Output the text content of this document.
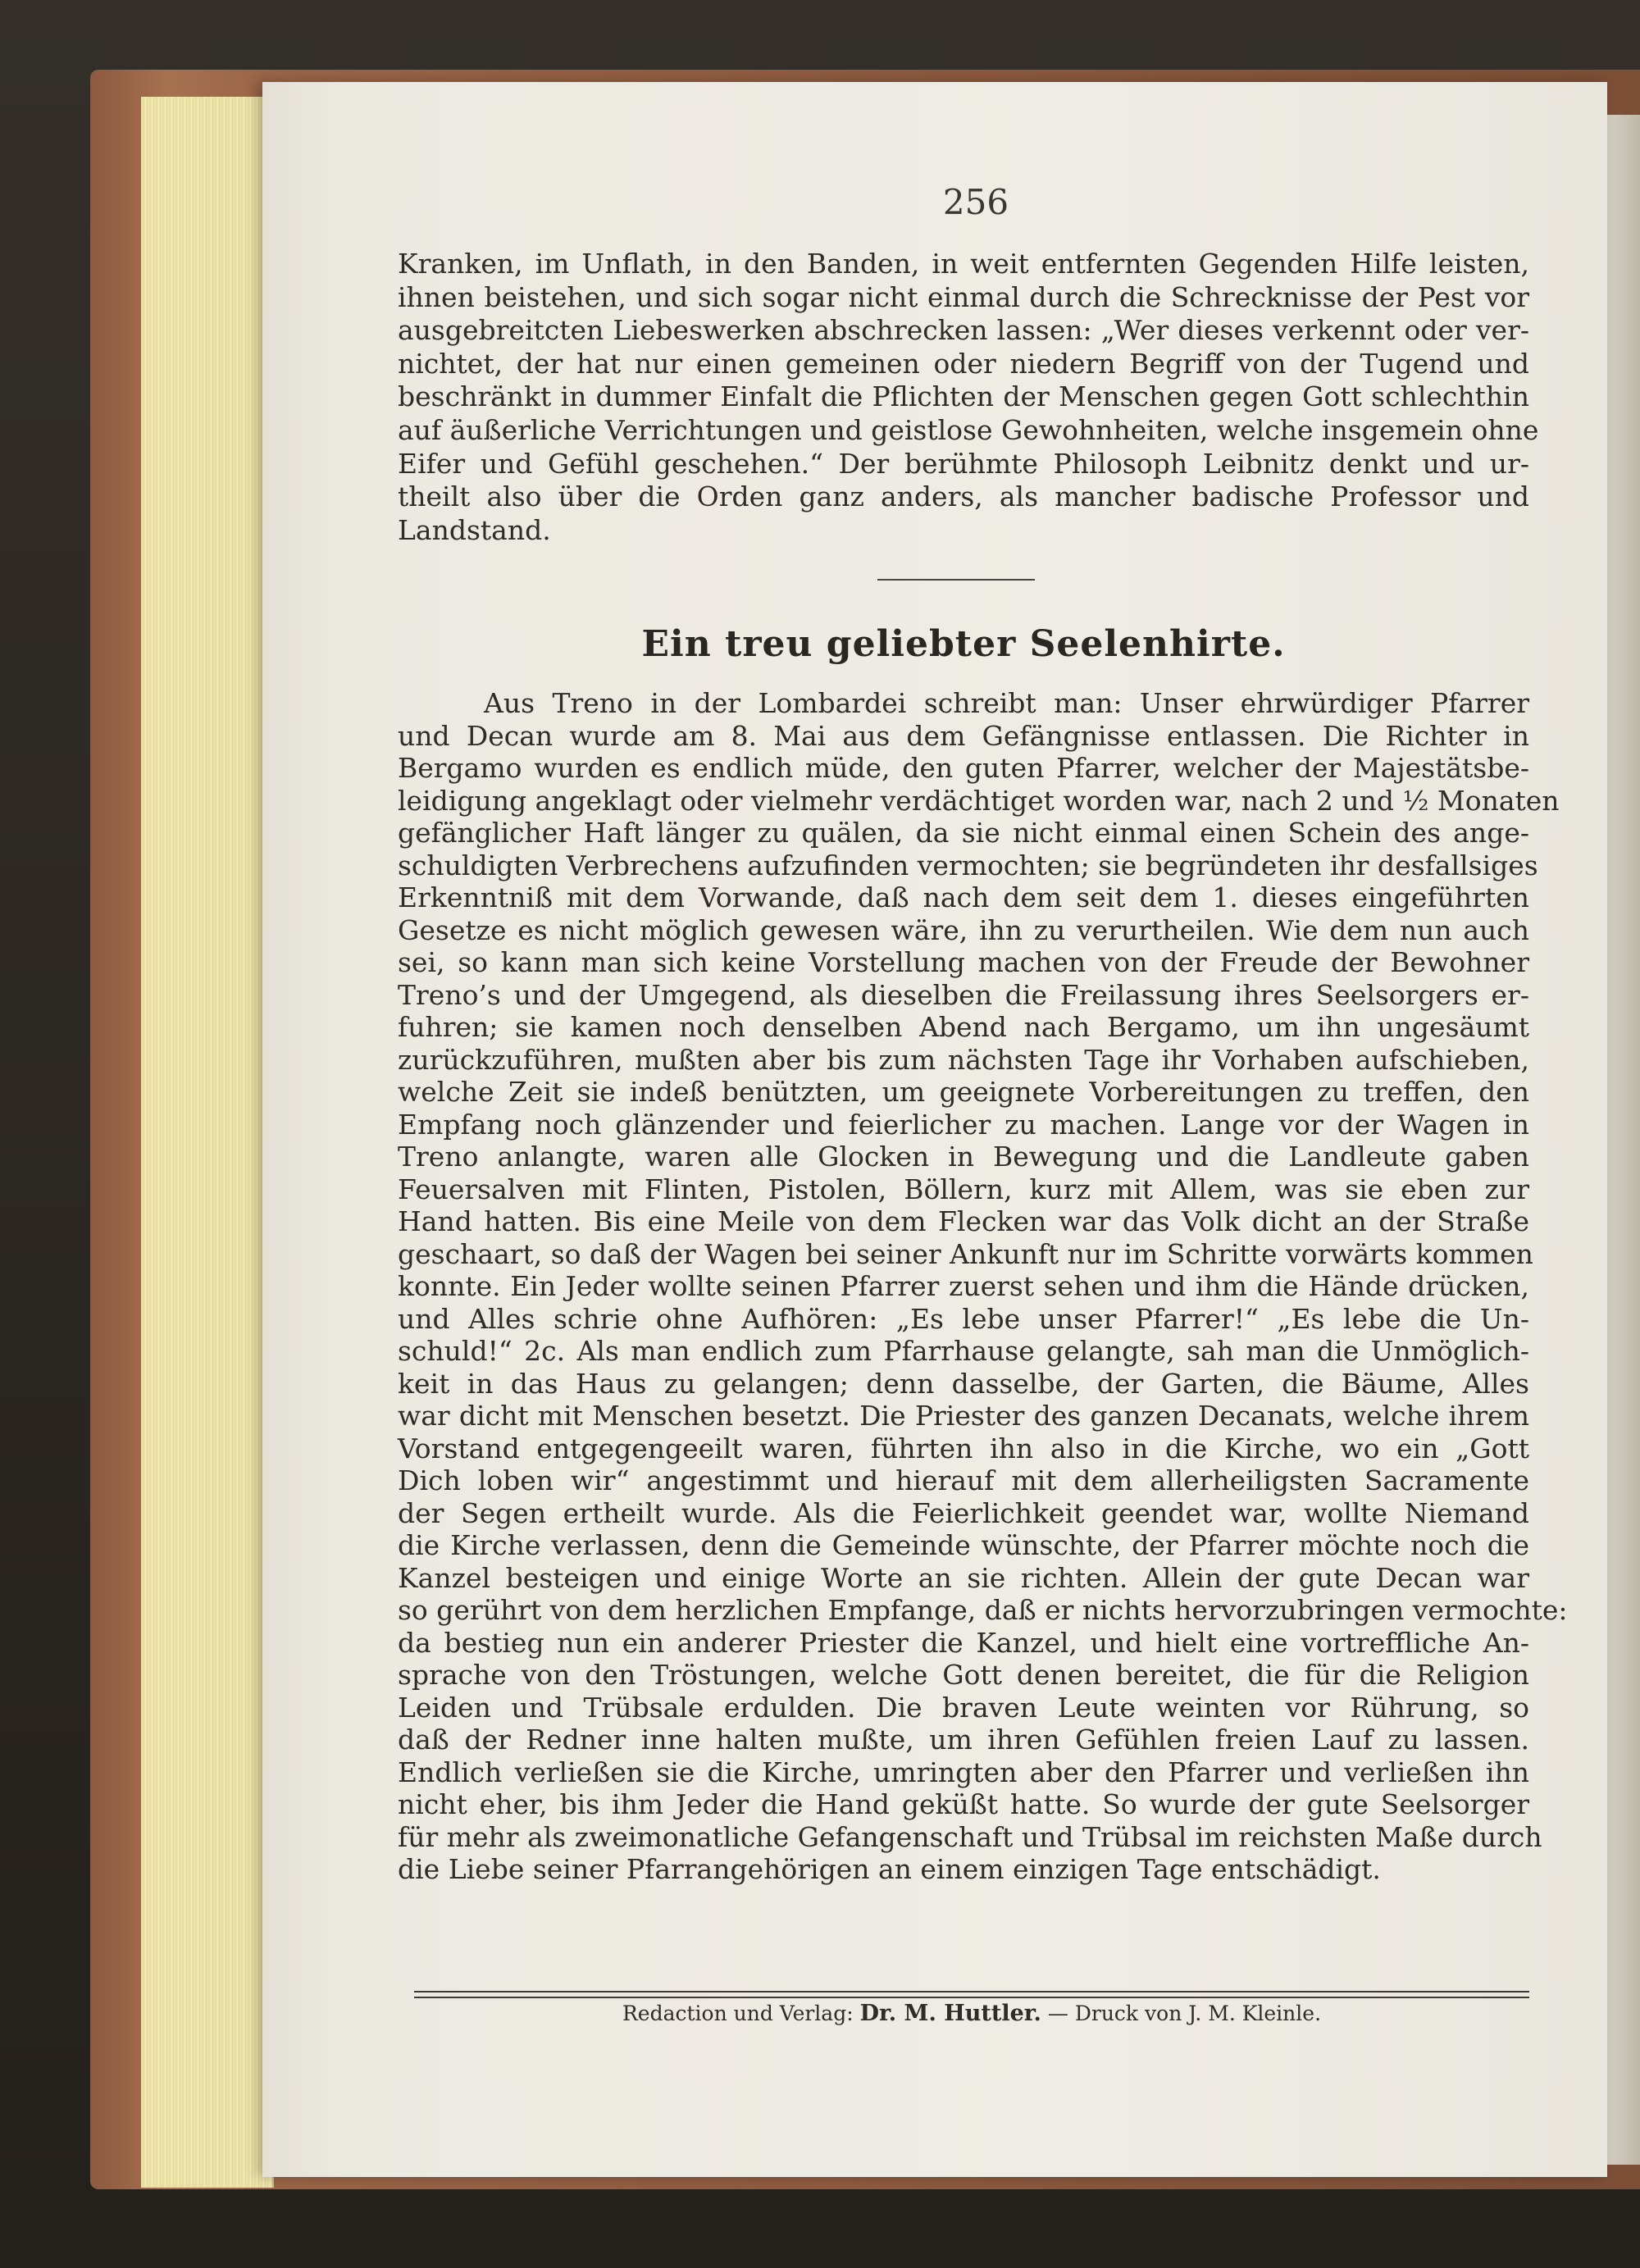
256
Kranken, im Unflath, in den Banden, in weit entfernten Gegenden Hilfe leisten,
ihnen beistehen, und sich sogar nicht einmal durch die Schrecknisse der Pest vor
ausgebreitcten Liebeswerken abschrecken lassen: „Wer dieses verkennt oder ver-
nichtet, der hat nur einen gemeinen oder niedern Begriff von der Tugend und
beschränkt in dummer Einfalt die Pflichten der Menschen gegen Gott schlechthin
auf äußerliche Verrichtungen und geistlose Gewohnheiten, welche insgemein ohne
Eifer und Gefühl geschehen.“ Der berühmte Philosoph Leibnitz denkt und ur-
theilt also über die Orden ganz anders, als mancher badische Professor und
Landstand.
Ein treu geliebter Seelenhirte.
Aus Treno in der Lombardei schreibt man: Unser ehrwürdiger Pfarrer
und Decan wurde am 8. Mai aus dem Gefängnisse entlassen. Die Richter in
Bergamo wurden es endlich müde, den guten Pfarrer, welcher der Majestätsbe-
leidigung angeklagt oder vielmehr verdächtiget worden war, nach 2 und ½ Monaten
gefänglicher Haft länger zu quälen, da sie nicht einmal einen Schein des ange-
schuldigten Verbrechens aufzufinden vermochten; sie begründeten ihr desfallsiges
Erkenntniß mit dem Vorwande, daß nach dem seit dem 1. dieses eingeführten
Gesetze es nicht möglich gewesen wäre, ihn zu verurtheilen. Wie dem nun auch
sei, so kann man sich keine Vorstellung machen von der Freude der Bewohner
Treno’s und der Umgegend, als dieselben die Freilassung ihres Seelsorgers er-
fuhren; sie kamen noch denselben Abend nach Bergamo, um ihn ungesäumt
zurückzuführen, mußten aber bis zum nächsten Tage ihr Vorhaben aufschieben,
welche Zeit sie indeß benützten, um geeignete Vorbereitungen zu treffen, den
Empfang noch glänzender und feierlicher zu machen. Lange vor der Wagen in
Treno anlangte, waren alle Glocken in Bewegung und die Landleute gaben
Feuersalven mit Flinten, Pistolen, Böllern, kurz mit Allem, was sie eben zur
Hand hatten. Bis eine Meile von dem Flecken war das Volk dicht an der Straße
geschaart, so daß der Wagen bei seiner Ankunft nur im Schritte vorwärts kommen
konnte. Ein Jeder wollte seinen Pfarrer zuerst sehen und ihm die Hände drücken,
und Alles schrie ohne Aufhören: „Es lebe unser Pfarrer!“ „Es lebe die Un-
schuld!“ 2c. Als man endlich zum Pfarrhause gelangte, sah man die Unmöglich-
keit in das Haus zu gelangen; denn dasselbe, der Garten, die Bäume, Alles
war dicht mit Menschen besetzt. Die Priester des ganzen Decanats, welche ihrem
Vorstand entgegengeeilt waren, führten ihn also in die Kirche, wo ein „Gott
Dich loben wir“ angestimmt und hierauf mit dem allerheiligsten Sacramente
der Segen ertheilt wurde. Als die Feierlichkeit geendet war, wollte Niemand
die Kirche verlassen, denn die Gemeinde wünschte, der Pfarrer möchte noch die
Kanzel besteigen und einige Worte an sie richten. Allein der gute Decan war
so gerührt von dem herzlichen Empfange, daß er nichts hervorzubringen vermochte:
da bestieg nun ein anderer Priester die Kanzel, und hielt eine vortreffliche An-
sprache von den Tröstungen, welche Gott denen bereitet, die für die Religion
Leiden und Trübsale erdulden. Die braven Leute weinten vor Rührung, so
daß der Redner inne halten mußte, um ihren Gefühlen freien Lauf zu lassen.
Endlich verließen sie die Kirche, umringten aber den Pfarrer und verließen ihn
nicht eher, bis ihm Jeder die Hand geküßt hatte. So wurde der gute Seelsorger
für mehr als zweimonatliche Gefangenschaft und Trübsal im reichsten Maße durch
die Liebe seiner Pfarrangehörigen an einem einzigen Tage entschädigt.
Redaction und Verlag: Dr. M. Huttler. — Druck von J. M. Kleinle.
